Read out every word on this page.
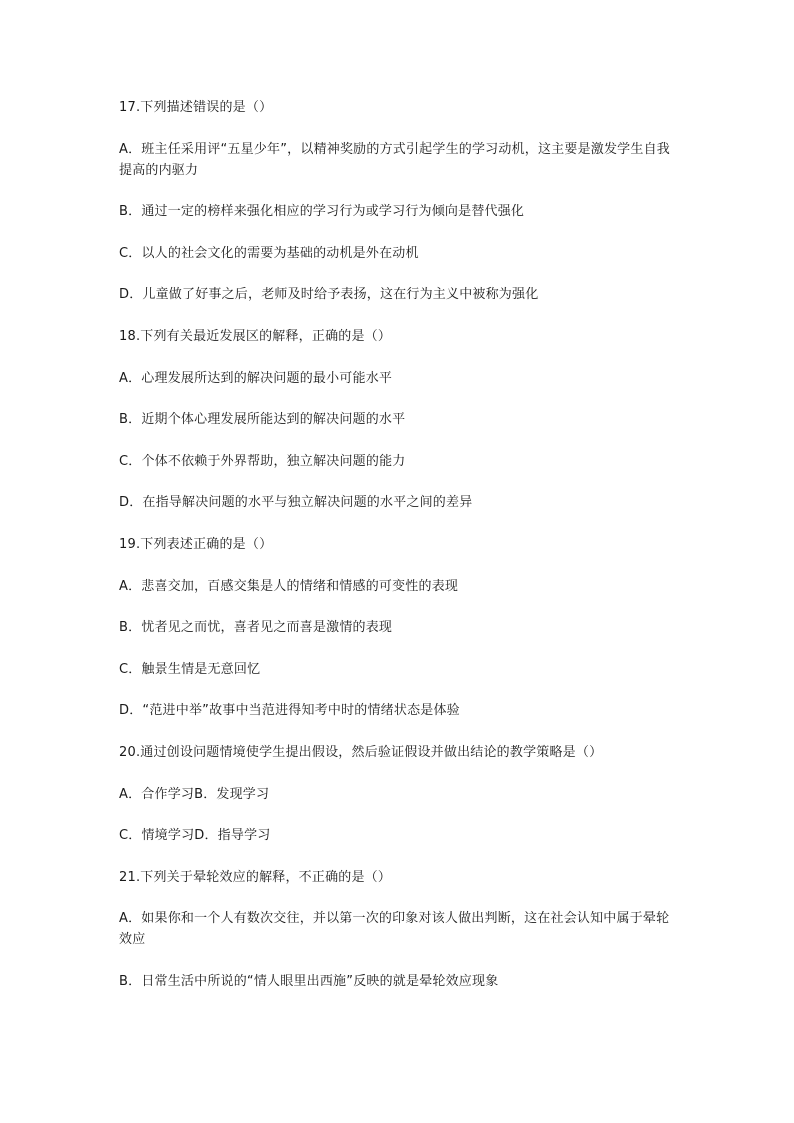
17.下列描述错误的是（）

A．班主任采用评“五星少年”，以精神奖励的方式引起学生的学习动机，这主要是激发学生自我提高的内驱力

B．通过一定的榜样来强化相应的学习行为或学习行为倾向是替代强化

C．以人的社会文化的需要为基础的动机是外在动机

D．儿童做了好事之后，老师及时给予表扬，这在行为主义中被称为强化

18.下列有关最近发展区的解释，正确的是（）

A．心理发展所达到的解决问题的最小可能水平

B．近期个体心理发展所能达到的解决问题的水平

C．个体不依赖于外界帮助，独立解决问题的能力

D．在指导解决问题的水平与独立解决问题的水平之间的差异

19.下列表述正确的是（）

A．悲喜交加，百感交集是人的情绪和情感的可变性的表现

B．忧者见之而忧，喜者见之而喜是激情的表现

C．触景生情是无意回忆

D．“范进中举”故事中当范进得知考中时的情绪状态是体验

20.通过创设问题情境使学生提出假设，然后验证假设并做出结论的教学策略是（）

A．合作学习B．发现学习

C．情境学习D．指导学习

21.下列关于晕轮效应的解释，不正确的是（）

A．如果你和一个人有数次交往，并以第一次的印象对该人做出判断，这在社会认知中属于晕轮效应

B．日常生活中所说的“情人眼里出西施”反映的就是晕轮效应现象
